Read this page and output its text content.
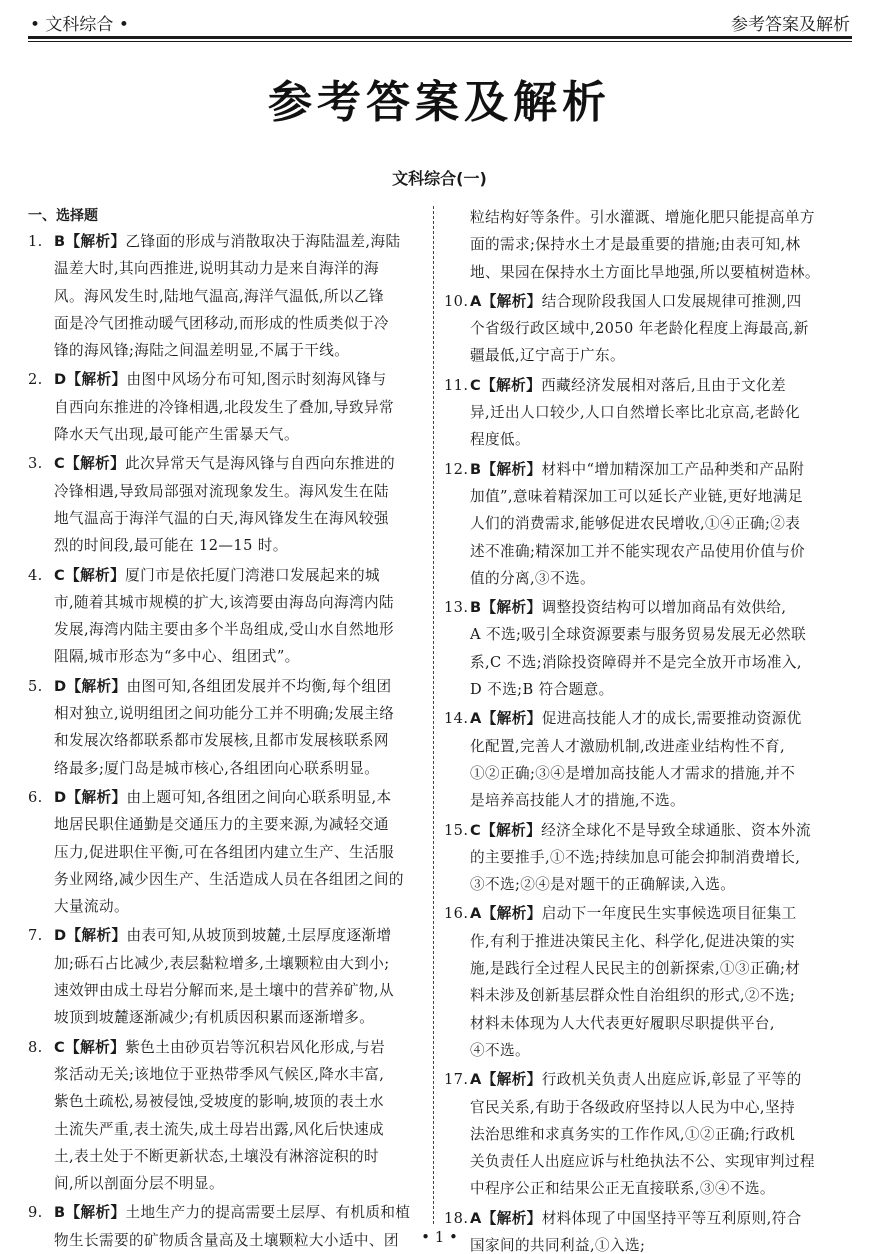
• 文科综合 •	参考答案及解析
参考答案及解析
文科综合(一)
一、选择题

1. B【解析】乙锋面的形成与消散取决于海陆温差,海陆

温差大时,其向西推进,说明其动力是来自海洋的海

风。海风发生时,陆地气温高,海洋气温低,所以乙锋

面是冷气团推动暖气团移动,而形成的性质类似于冷

锋的海风锋;海陆之间温差明显,不属于干线。

2. D【解析】由图中风场分布可知,图示时刻海风锋与

自西向东推进的冷锋相遇,北段发生了叠加,导致异常

降水天气出现,最可能产生雷暴天气。

3. C【解析】此次异常天气是海风锋与自西向东推进的

冷锋相遇,导致局部强对流现象发生。海风发生在陆

地气温高于海洋气温的白天,海风锋发生在海风较强

烈的时间段,最可能在 12—15 时。

4. C【解析】厦门市是依托厦门湾港口发展起来的城

市,随着其城市规模的扩大,该湾要由海岛向海湾内陆

发展,海湾内陆主要由多个半岛组成,受山水自然地形

阻隔,城市形态为“多中心、组团式”。

5. D【解析】由图可知,各组团发展并不均衡,每个组团

相对独立,说明组团之间功能分工并不明确;发展主络

和发展次络都联系都市发展核,且都市发展核联系网

络最多;厦门岛是城市核心,各组团向心联系明显。

6. D【解析】由上题可知,各组团之间向心联系明显,本

地居民职住通勤是交通压力的主要来源,为减轻交通

压力,促进职住平衡,可在各组团内建立生产、生活服

务业网络,减少因生产、生活造成人员在各组团之间的

大量流动。

7. D【解析】由表可知,从坡顶到坡麓,土层厚度逐渐增

加;砾石占比减少,表层黏粒增多,土壤颗粒由大到小;

速效钾由成土母岩分解而来,是土壤中的营养矿物,从

坡顶到坡麓逐渐减少;有机质因积累而逐渐增多。

8. C【解析】紫色土由砂页岩等沉积岩风化形成,与岩

浆活动无关;该地位于亚热带季风气候区,降水丰富,

紫色土疏松,易被侵蚀,受坡度的影响,坡顶的表土水

土流失严重,表土流失,成土母岩出露,风化后快速成

土,表土处于不断更新状态,土壤没有淋溶淀积的时

间,所以剖面分层不明显。

9. B【解析】土地生产力的提高需要土层厚、有机质和植

物生长需要的矿物质含量高及土壤颗粒大小适中、团

粒结构好等条件。引水灌溉、增施化肥只能提高单方

面的需求;保持水土才是最重要的措施;由表可知,林

地、果园在保持水土方面比旱地强,所以要植树造林。

10. A【解析】结合现阶段我国人口发展规律可推测,四

个省级行政区域中,2050 年老龄化程度上海最高,新

疆最低,辽宁高于广东。

11. C【解析】西藏经济发展相对落后,且由于文化差

异,迁出人口较少,人口自然增长率比北京高,老龄化

程度低。

12. B【解析】材料中“增加精深加工产品种类和产品附

加值”,意味着精深加工可以延长产业链,更好地满足

人们的消费需求,能够促进农民增收,①④正确;②表

述不准确;精深加工并不能实现农产品使用价值与价

值的分离,③不选。

13. B【解析】调整投资结构可以增加商品有效供给,

A 不选;吸引全球资源要素与服务贸易发展无必然联

系,C 不选;消除投资障碍并不是完全放开市场准入,

D 不选;B 符合题意。

14. A【解析】促进高技能人才的成长,需要推动资源优

化配置,完善人才激励机制,改进產业结构性不育,

①②正确;③④是增加高技能人才需求的措施,并不

是培养高技能人才的措施,不选。

15. C【解析】经济全球化不是导致全球通胀、资本外流

的主要推手,①不选;持续加息可能会抑制消费增长,

③不选;②④是对题干的正确解读,入选。

16. A【解析】启动下一年度民生实事候选项目征集工

作,有利于推进决策民主化、科学化,促进决策的实

施,是践行全过程人民民主的创新探索,①③正确;材

料未涉及创新基层群众性自治组织的形式,②不选;

材料未体现为人大代表更好履职尽职提供平台,

④不选。

17. A【解析】行政机关负责人出庭应诉,彰显了平等的

官民关系,有助于各级政府坚持以人民为中心,坚持

法治思维和求真务实的工作作风,①②正确;行政机

关负责任人出庭应诉与杜绝执法不公、实现审判过程

中程序公正和结果公正无直接联系,③④不选。

18. A【解析】材料体现了中国坚持平等互利原则,符合

国家间的共同利益,①入选;

• 1 •
